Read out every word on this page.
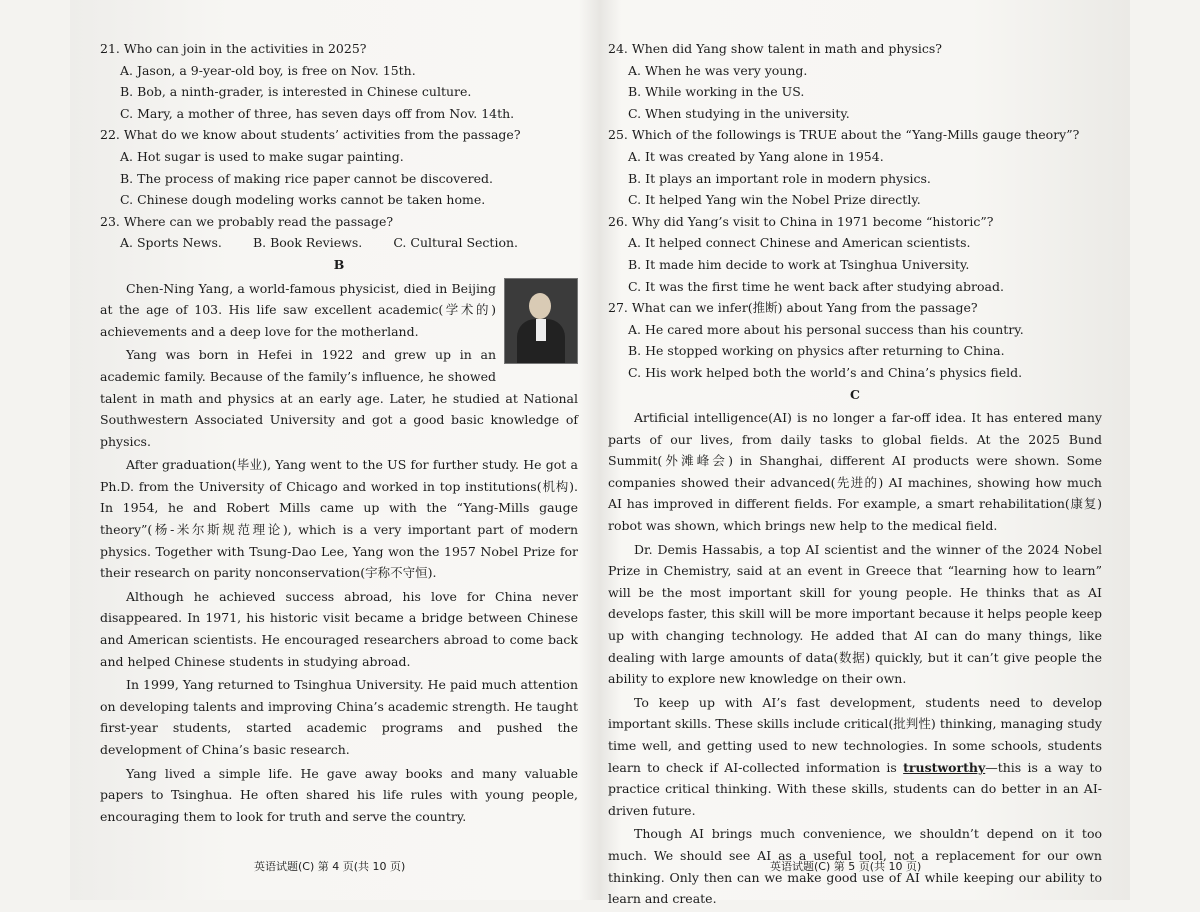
21. Who can join in the activities in 2025?

A. Jason, a 9-year-old boy, is free on Nov. 15th.

B. Bob, a ninth-grader, is interested in Chinese culture.

C. Mary, a mother of three, has seven days off from Nov. 14th.

22. What do we know about students’ activities from the passage?

A. Hot sugar is used to make sugar painting.

B. The process of making rice paper cannot be discovered.

C. Chinese dough modeling works cannot be taken home.

23. Where can we probably read the passage?

A. Sports News. B. Book Reviews. C. Cultural Section.

B

Chen-Ning Yang, a world-famous physicist, died in Beijing at the age of 103. His life saw excellent academic(学术的) achievements and a deep love for the motherland.

Yang was born in Hefei in 1922 and grew up in an academic family. Because of the family’s influence, he showed talent in math and physics at an early age. Later, he studied at National Southwestern Associated University and got a good basic knowledge of physics.

After graduation(毕业), Yang went to the US for further study. He got a Ph.D. from the University of Chicago and worked in top institutions(机构). In 1954, he and Robert Mills came up with the “Yang-Mills gauge theory”(杨-米尔斯规范理论), which is a very important part of modern physics. Together with Tsung-Dao Lee, Yang won the 1957 Nobel Prize for their research on parity nonconservation(宇称不守恒).

Although he achieved success abroad, his love for China never disappeared. In 1971, his historic visit became a bridge between Chinese and American scientists. He encouraged researchers abroad to come back and helped Chinese students in studying abroad.

In 1999, Yang returned to Tsinghua University. He paid much attention on developing talents and improving China’s academic strength. He taught first-year students, started academic programs and pushed the development of China’s basic research.

Yang lived a simple life. He gave away books and many valuable papers to Tsinghua. He often shared his life rules with young people, encouraging them to look for truth and serve the country.

英语试题(C) 第 4 页(共 10 页)

24. When did Yang show talent in math and physics?

A. When he was very young.

B. While working in the US.

C. When studying in the university.

25. Which of the followings is TRUE about the “Yang-Mills gauge theory”?

A. It was created by Yang alone in 1954.

B. It plays an important role in modern physics.

C. It helped Yang win the Nobel Prize directly.

26. Why did Yang’s visit to China in 1971 become “historic”?

A. It helped connect Chinese and American scientists.

B. It made him decide to work at Tsinghua University.

C. It was the first time he went back after studying abroad.

27. What can we infer(推断) about Yang from the passage?

A. He cared more about his personal success than his country.

B. He stopped working on physics after returning to China.

C. His work helped both the world’s and China’s physics field.

C

Artificial intelligence(AI) is no longer a far-off idea. It has entered many parts of our lives, from daily tasks to global fields. At the 2025 Bund Summit(外滩峰会) in Shanghai, different AI products were shown. Some companies showed their advanced(先进的) AI machines, showing how much AI has improved in different fields. For example, a smart rehabilitation(康复) robot was shown, which brings new help to the medical field.

Dr. Demis Hassabis, a top AI scientist and the winner of the 2024 Nobel Prize in Chemistry, said at an event in Greece that “learning how to learn” will be the most important skill for young people. He thinks that as AI develops faster, this skill will be more important because it helps people keep up with changing technology. He added that AI can do many things, like dealing with large amounts of data(数据) quickly, but it can’t give people the ability to explore new knowledge on their own.

To keep up with AI’s fast development, students need to develop important skills. These skills include critical(批判性) thinking, managing study time well, and getting used to new technologies. In some schools, students learn to check if AI-collected information is trustworthy—this is a way to practice critical thinking. With these skills, students can do better in an AI-driven future.

Though AI brings much convenience, we shouldn’t depend on it too much. We should see AI as a useful tool, not a replacement for our own thinking. Only then can we make good use of AI while keeping our ability to learn and create.

英语试题(C) 第 5 页(共 10 页)
